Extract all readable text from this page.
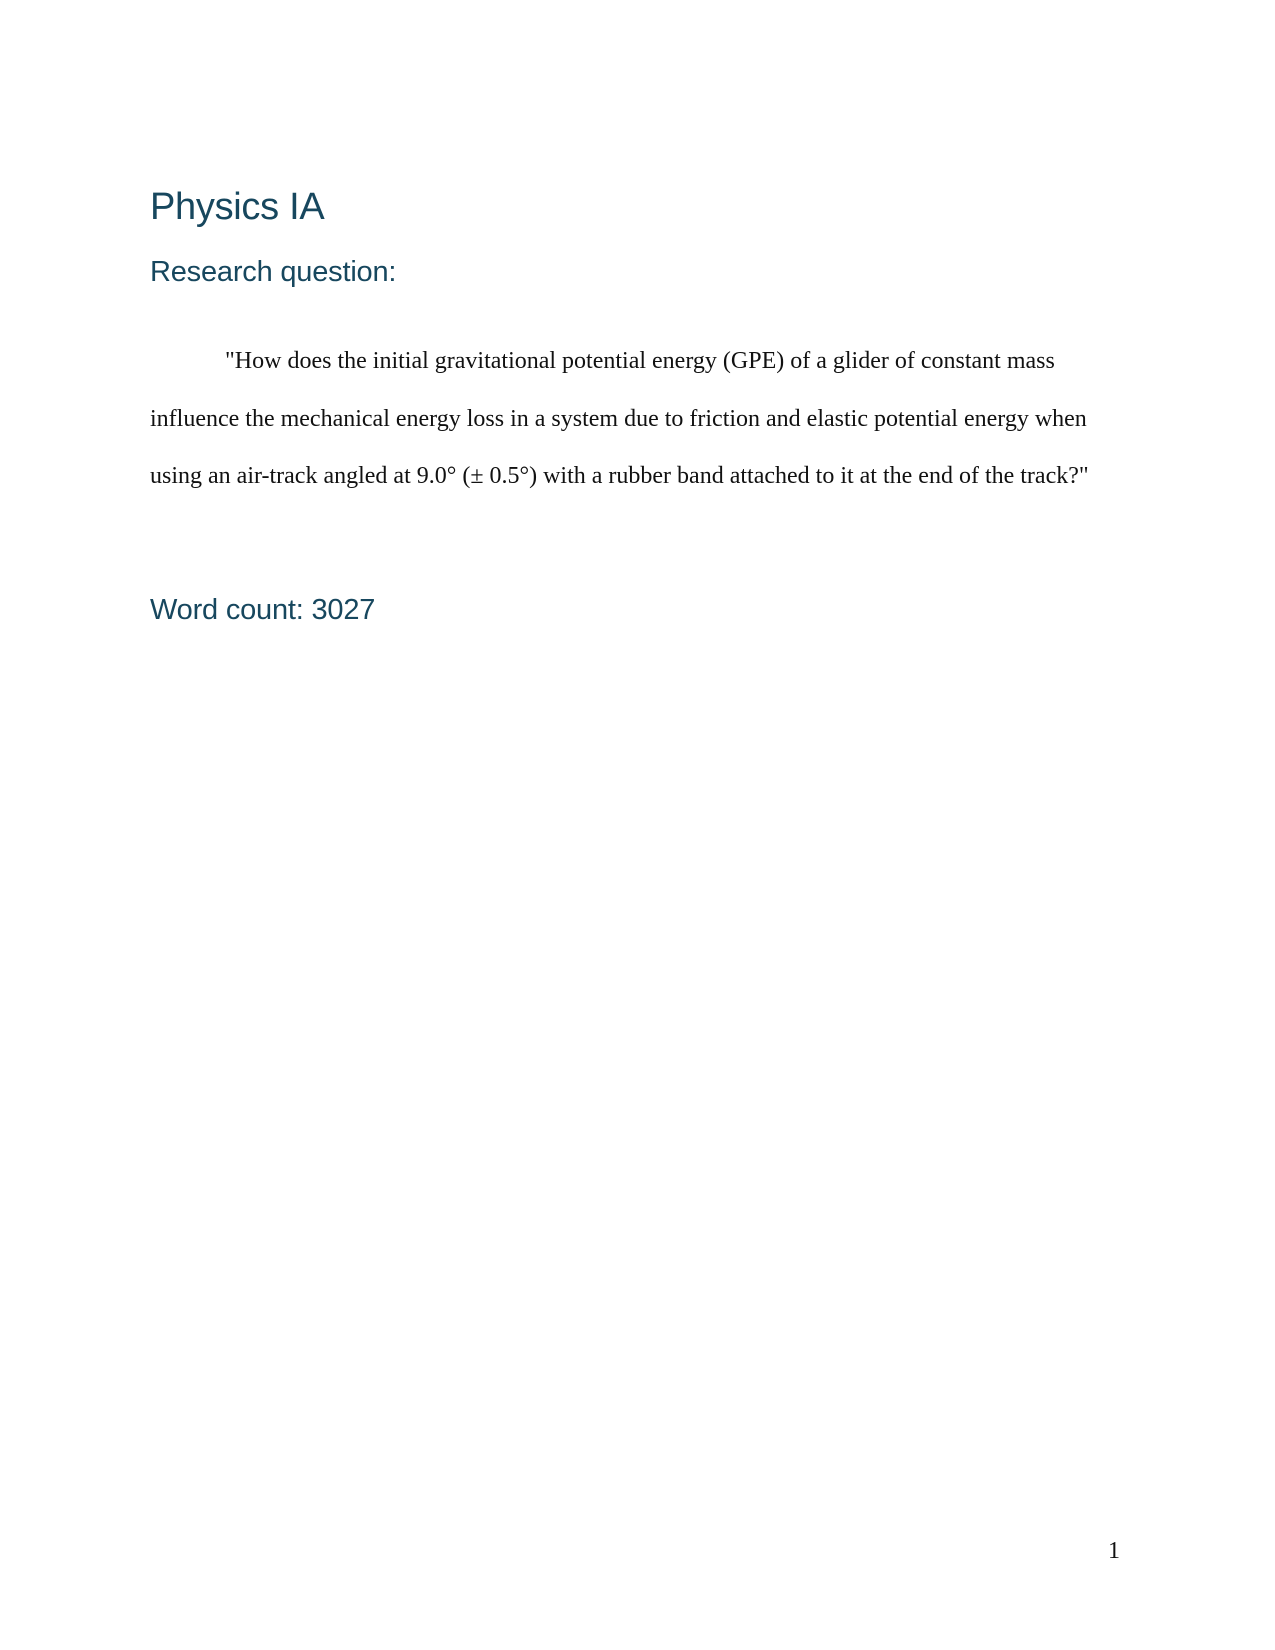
Physics IA
Research question:

"How does the initial gravitational potential energy (GPE) of a glider of constant mass influence the mechanical energy loss in a system due to friction and elastic potential energy when using an air-track angled at 9.0° (± 0.5°) with a rubber band attached to it at the end of the track?"

Word count: 3027
1
